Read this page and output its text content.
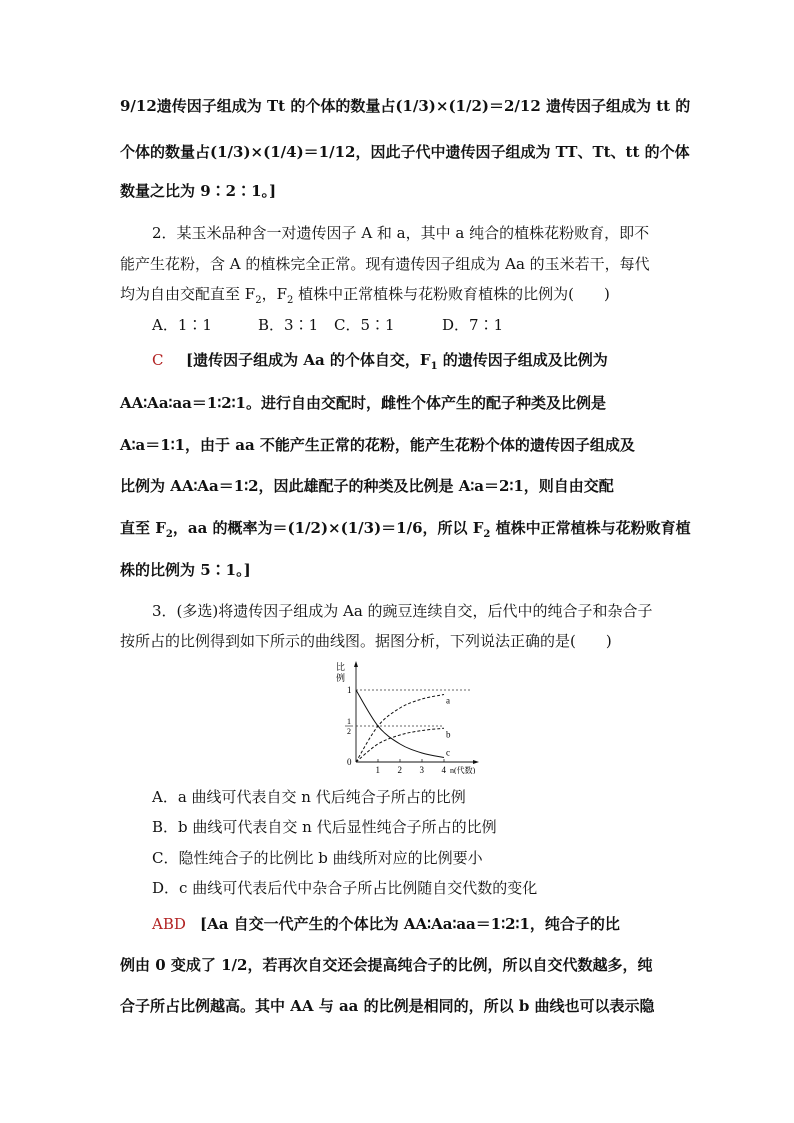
9/12遗传因子组成为 Tt 的个体的数量占(1/3)×(1/2)＝2/12 遗传因子组成为 tt 的
个体的数量占(1/3)×(1/4)＝1/12，因此子代中遗传因子组成为 TT、Tt、tt 的个体
数量之比为 9∶2∶1。]
2．某玉米品种含一对遗传因子 A 和 a，其中 a 纯合的植株花粉败育，即不
能产生花粉，含 A 的植株完全正常。现有遗传因子组成为 Aa 的玉米若干，每代
均为自由交配直至 $F_2$，$F_2$ 植株中正常植株与花粉败育植株的比例为(　　)
A．1∶1	B．3∶1 C．5∶1	D．7∶1
C [遗传因子组成为 Aa 的个体自交，$F_1$ 的遗传因子组成及比例为
AA∶Aa∶aa＝1∶2∶1。进行自由交配时，雌性个体产生的配子种类及比例是
A∶a＝1∶1，由于 aa 不能产生正常的花粉，能产生花粉个体的遗传因子组成及
比例为 AA∶Aa＝1∶2，因此雄配子的种类及比例是 A∶a＝2∶1，则自由交配
直至 $F_2$，aa 的概率为＝(1/2)×(1/3)＝1/6，所以 $F_2$ 植株中正常植株与花粉败育植
株的比例为 5∶1。]
3．(多选)将遗传因子组成为 Aa 的豌豆连续自交，后代中的纯合子和杂合子
按所占的比例得到如下所示的曲线图。据图分析，下列说法正确的是(　　)
比
例
a
b
c
1 2 3 4 n(代数)
0
1
2
1
A．a 曲线可代表自交 n 代后纯合子所占的比例
B．b 曲线可代表自交 n 代后显性纯合子所占的比例
C．隐性纯合子的比例比 b 曲线所对应的比例要小
D．c 曲线可代表后代中杂合子所占比例随自交代数的变化
ABD [Aa 自交一代产生的个体比为 AA∶Aa∶aa＝1∶2∶1，纯合子的比
例由 0 变成了 1/2，若再次自交还会提高纯合子的比例，所以自交代数越多，纯
合子所占比例越高。其中 AA 与 aa 的比例是相同的，所以 b 曲线也可以表示隐
